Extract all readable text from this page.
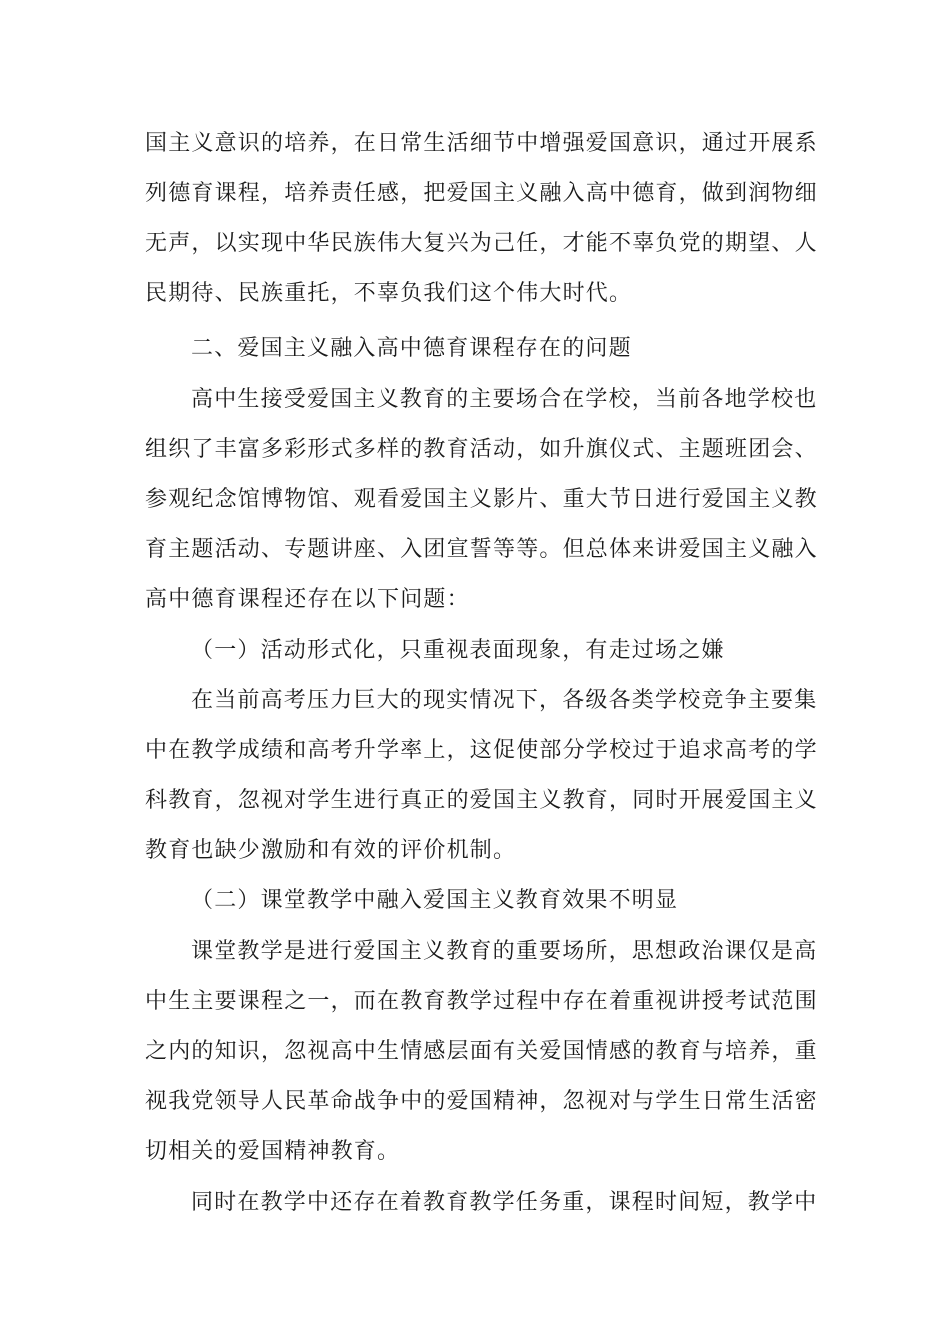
国主义意识的培养，在日常生活细节中增强爱国意识，通过开展系
列德育课程，培养责任感，把爱国主义融入高中德育，做到润物细
无声，以实现中华民族伟大复兴为己任，才能不辜负党的期望、人
民期待、民族重托，不辜负我们这个伟大时代。
二、爱国主义融入高中德育课程存在的问题
高中生接受爱国主义教育的主要场合在学校，当前各地学校也
组织了丰富多彩形式多样的教育活动，如升旗仪式、主题班团会、
参观纪念馆博物馆、观看爱国主义影片、重大节日进行爱国主义教
育主题活动、专题讲座、入团宣誓等等。但总体来讲爱国主义融入
高中德育课程还存在以下问题：
（一）活动形式化，只重视表面现象，有走过场之嫌
在当前高考压力巨大的现实情况下，各级各类学校竞争主要集
中在教学成绩和高考升学率上，这促使部分学校过于追求高考的学
科教育，忽视对学生进行真正的爱国主义教育，同时开展爱国主义
教育也缺少激励和有效的评价机制。
（二）课堂教学中融入爱国主义教育效果不明显
课堂教学是进行爱国主义教育的重要场所，思想政治课仅是高
中生主要课程之一，而在教育教学过程中存在着重视讲授考试范围
之内的知识，忽视高中生情感层面有关爱国情感的教育与培养，重
视我党领导人民革命战争中的爱国精神，忽视对与学生日常生活密
切相关的爱国精神教育。
同时在教学中还存在着教育教学任务重，课程时间短，教学中
